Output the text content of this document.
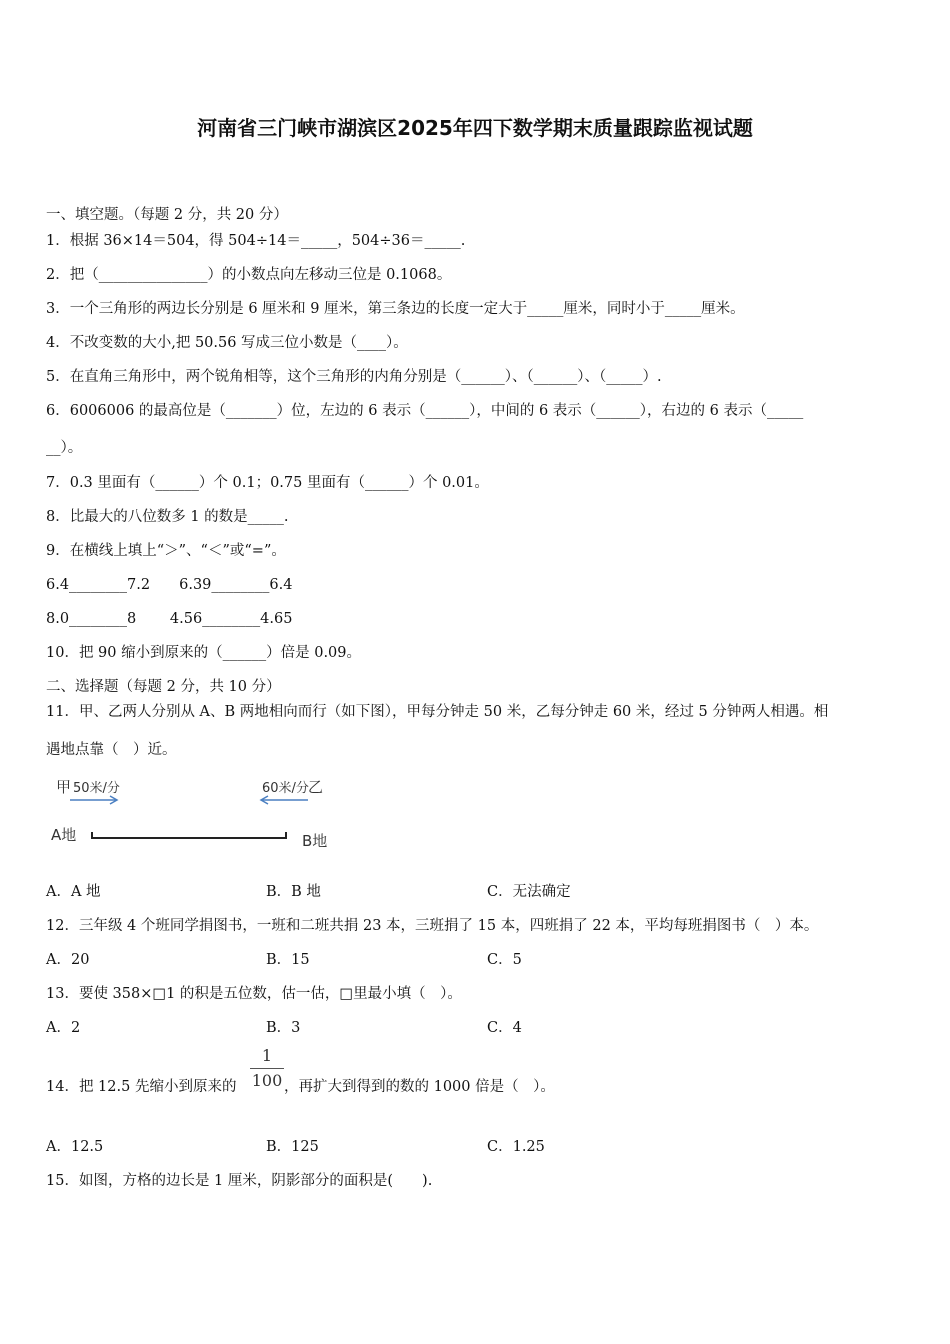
河南省三门峡市湖滨区2025年四下数学期末质量跟踪监视试题
一、填空题。（每题 2 分，共 20 分）
1．根据 36×14＝504，得 504÷14＝_____，504÷36＝_____.
2．把（_______________）的小数点向左移动三位是 0.1068。
3．一个三角形的两边长分别是 6 厘米和 9 厘米，第三条边的长度一定大于_____厘米，同时小于_____厘米。
4．不改变数的大小,把 50.56 写成三位小数是（____）。
5．在直角三角形中，两个锐角相等，这个三角形的内角分别是（______）、（______）、（_____）.
6．6006006 的最高位是（_______）位，左边的 6 表示（______），中间的 6 表示（______），右边的 6 表示（_____
__）。
7．0.3 里面有（______）个 0.1；0.75 里面有（______）个 0.01。
8．比最大的八位数多 1 的数是_____.
9．在横线上填上“＞”、“＜”或“=”。
6.4________7.2　　6.39________6.4
8.0________8　　 4.56________4.65
10．把 90 缩小到原来的（______）倍是 0.09。
二、选择题（每题 2 分，共 10 分）
11．甲、乙两人分别从 A、B 两地相向而行（如下图），甲每分钟走 50 米，乙每分钟走 60 米，经过 5 分钟两人相遇。相
遇地点靠（　）近。
甲 50米/分	60米/分 乙
A地	B地
A．A 地	B．B 地	C．无法确定
12．三年级 4 个班同学捐图书，一班和二班共捐 23 本，三班捐了 15 本，四班捐了 22 本，平均每班捐图书（　）本。
A．20	B．15	C．5
13．要使 358×□1 的积是五位数，估一估，□里最小填（　）。
A．2	B．3	C．4
14．把 12.5 先缩小到原来的
1
100 ，再扩大到得到的数的 1000 倍是（　）。
A．12.5	B．125	C．1.25
15．如图，方格的边长是 1 厘米，阴影部分的面积是(　　).
